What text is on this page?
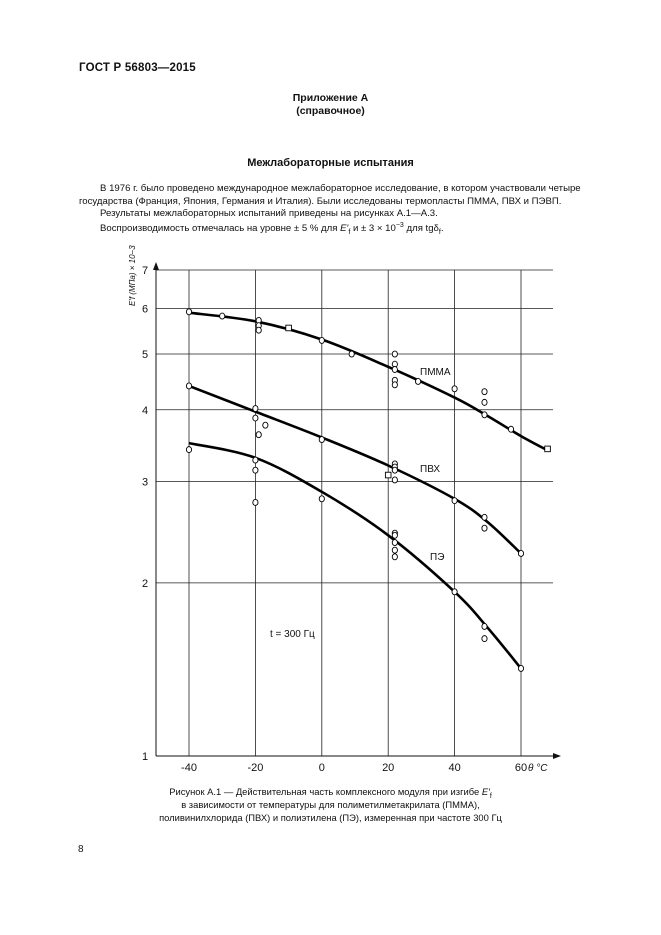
ГОСТ Р 56803—2015
Приложение А
(справочное)
Межлабораторные испытания
В 1976 г. было проведено международное межлабораторное исследование, в котором участвовали четыре государства (Франция, Япония, Германия и Италия). Были исследованы термопласты ПММА, ПВХ и ПЭВП.
Результаты межлабораторных испытаний приведены на рисунках А.1—А.3.
Воспроизводимость отмечалась на уровне ± 5 % для $E'_f$ $и \pm 3 \times 10^{-3}$ для tgδ$_f$.
1
2
3
4
5
6
7
-40	-20	0	20	40	60
E′f (МПа) × 10−3
θ °C
ПММА
ПВХ
ПЭ
t = 300 Гц
Рисунок А.1 — Действительная часть комплексного модуля при изгибе $E'_f$
в зависимости от температуры для полиметилметакрилата (ПММА),
поливинилхлорида (ПВХ) и полиэтилена (ПЭ), измеренная при частоте 300 Гц
8
